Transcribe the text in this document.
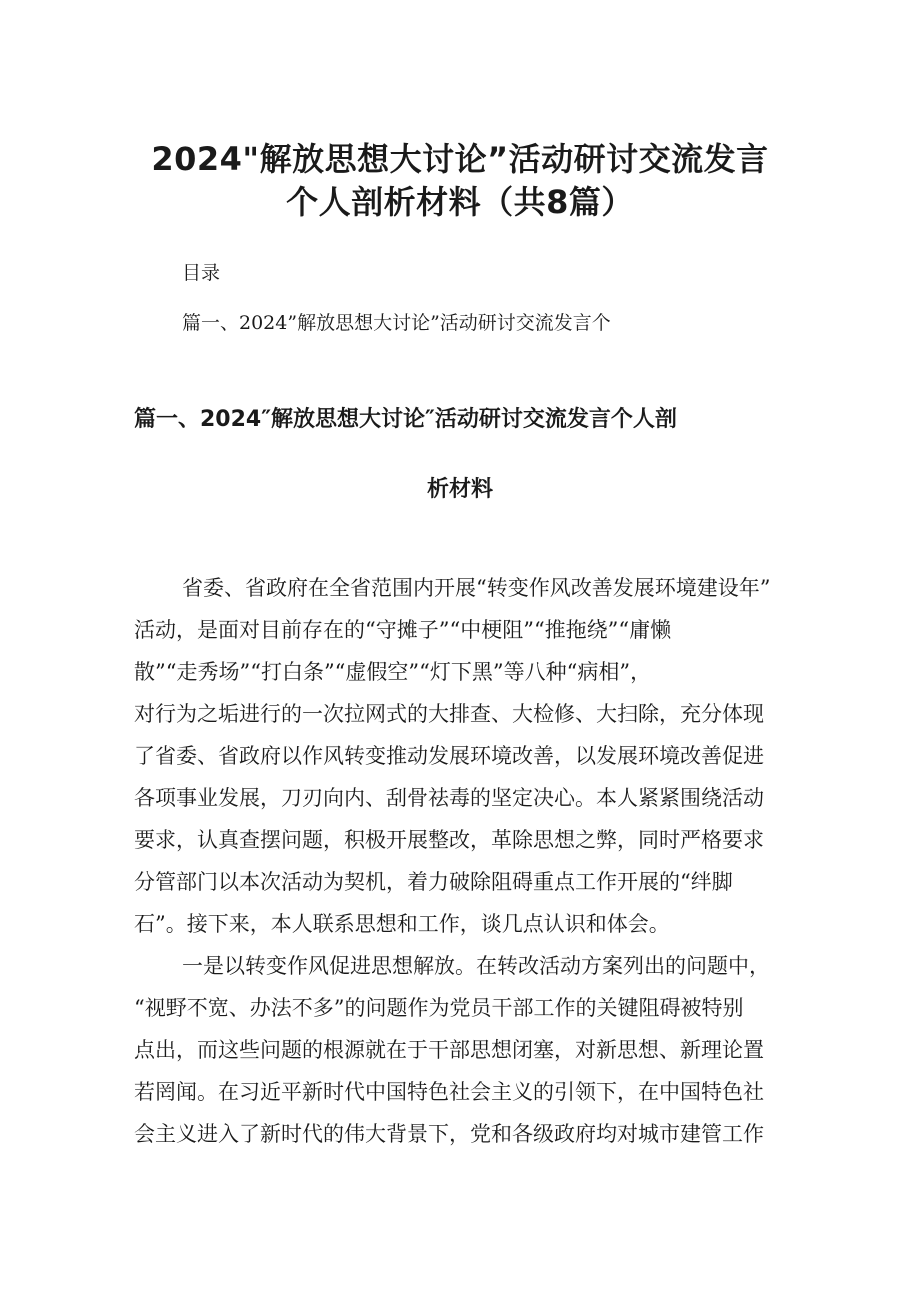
2024"解放思想大讨论”活动研讨交流发言
个人剖析材料（共8篇）
目录
篇一、2024”解放思想大讨论”活动研讨交流发言个
篇一、2024″解放思想大讨论″活动研讨交流发言个人剖
析材料
省委、省政府在全省范围内开展“转变作风改善发展环境建设年”
活动，是面对目前存在的“守摊子”“中梗阻”“推拖绕”“庸懒
散”“走秀场”“打白条”“虚假空”“灯下黑”等八种“病相”，
对行为之垢进行的一次拉网式的大排查、大检修、大扫除，充分体现
了省委、省政府以作风转变推动发展环境改善，以发展环境改善促进
各项事业发展，刀刃向内、刮骨祛毒的坚定决心。本人紧紧围绕活动
要求，认真查摆问题，积极开展整改，革除思想之弊，同时严格要求
分管部门以本次活动为契机，着力破除阻碍重点工作开展的“绊脚
石”。接下来，本人联系思想和工作，谈几点认识和体会。
一是以转变作风促进思想解放。在转改活动方案列出的问题中，
“视野不宽、办法不多”的问题作为党员干部工作的关键阻碍被特别
点出，而这些问题的根源就在于干部思想闭塞，对新思想、新理论置
若罔闻。在习近平新时代中国特色社会主义的引领下，在中国特色社
会主义进入了新时代的伟大背景下，党和各级政府均对城市建管工作
